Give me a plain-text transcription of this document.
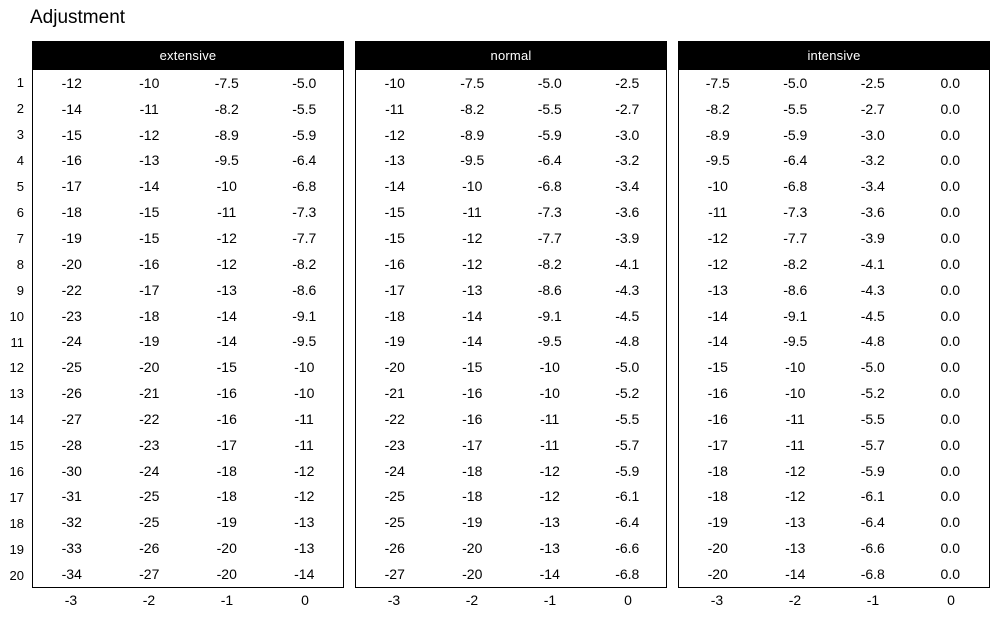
Adjustment
1
2
3
4
5
6
7
8
9
10
11
12
13
14
15
16
17
18
19
20
extensive
-12	-10	-7.5	-5.0
-14	-11	-8.2	-5.5
-15	-12	-8.9	-5.9
-16	-13	-9.5	-6.4
-17	-14	-10	-6.8
-18	-15	-11	-7.3
-19	-15	-12	-7.7
-20	-16	-12	-8.2
-22	-17	-13	-8.6
-23	-18	-14	-9.1
-24	-19	-14	-9.5
-25	-20	-15	-10
-26	-21	-16	-10
-27	-22	-16	-11
-28	-23	-17	-11
-30	-24	-18	-12
-31	-25	-18	-12
-32	-25	-19	-13
-33	-26	-20	-13
-34	-27	-20	-14
-3	-2	-1	0
normal
-10	-7.5	-5.0	-2.5
-11	-8.2	-5.5	-2.7
-12	-8.9	-5.9	-3.0
-13	-9.5	-6.4	-3.2
-14	-10	-6.8	-3.4
-15	-11	-7.3	-3.6
-15	-12	-7.7	-3.9
-16	-12	-8.2	-4.1
-17	-13	-8.6	-4.3
-18	-14	-9.1	-4.5
-19	-14	-9.5	-4.8
-20	-15	-10	-5.0
-21	-16	-10	-5.2
-22	-16	-11	-5.5
-23	-17	-11	-5.7
-24	-18	-12	-5.9
-25	-18	-12	-6.1
-25	-19	-13	-6.4
-26	-20	-13	-6.6
-27	-20	-14	-6.8
-3	-2	-1	0
intensive
-7.5	-5.0	-2.5	0.0
-8.2	-5.5	-2.7	0.0
-8.9	-5.9	-3.0	0.0
-9.5	-6.4	-3.2	0.0
-10	-6.8	-3.4	0.0
-11	-7.3	-3.6	0.0
-12	-7.7	-3.9	0.0
-12	-8.2	-4.1	0.0
-13	-8.6	-4.3	0.0
-14	-9.1	-4.5	0.0
-14	-9.5	-4.8	0.0
-15	-10	-5.0	0.0
-16	-10	-5.2	0.0
-16	-11	-5.5	0.0
-17	-11	-5.7	0.0
-18	-12	-5.9	0.0
-18	-12	-6.1	0.0
-19	-13	-6.4	0.0
-20	-13	-6.6	0.0
-20	-14	-6.8	0.0
-3	-2	-1	0
